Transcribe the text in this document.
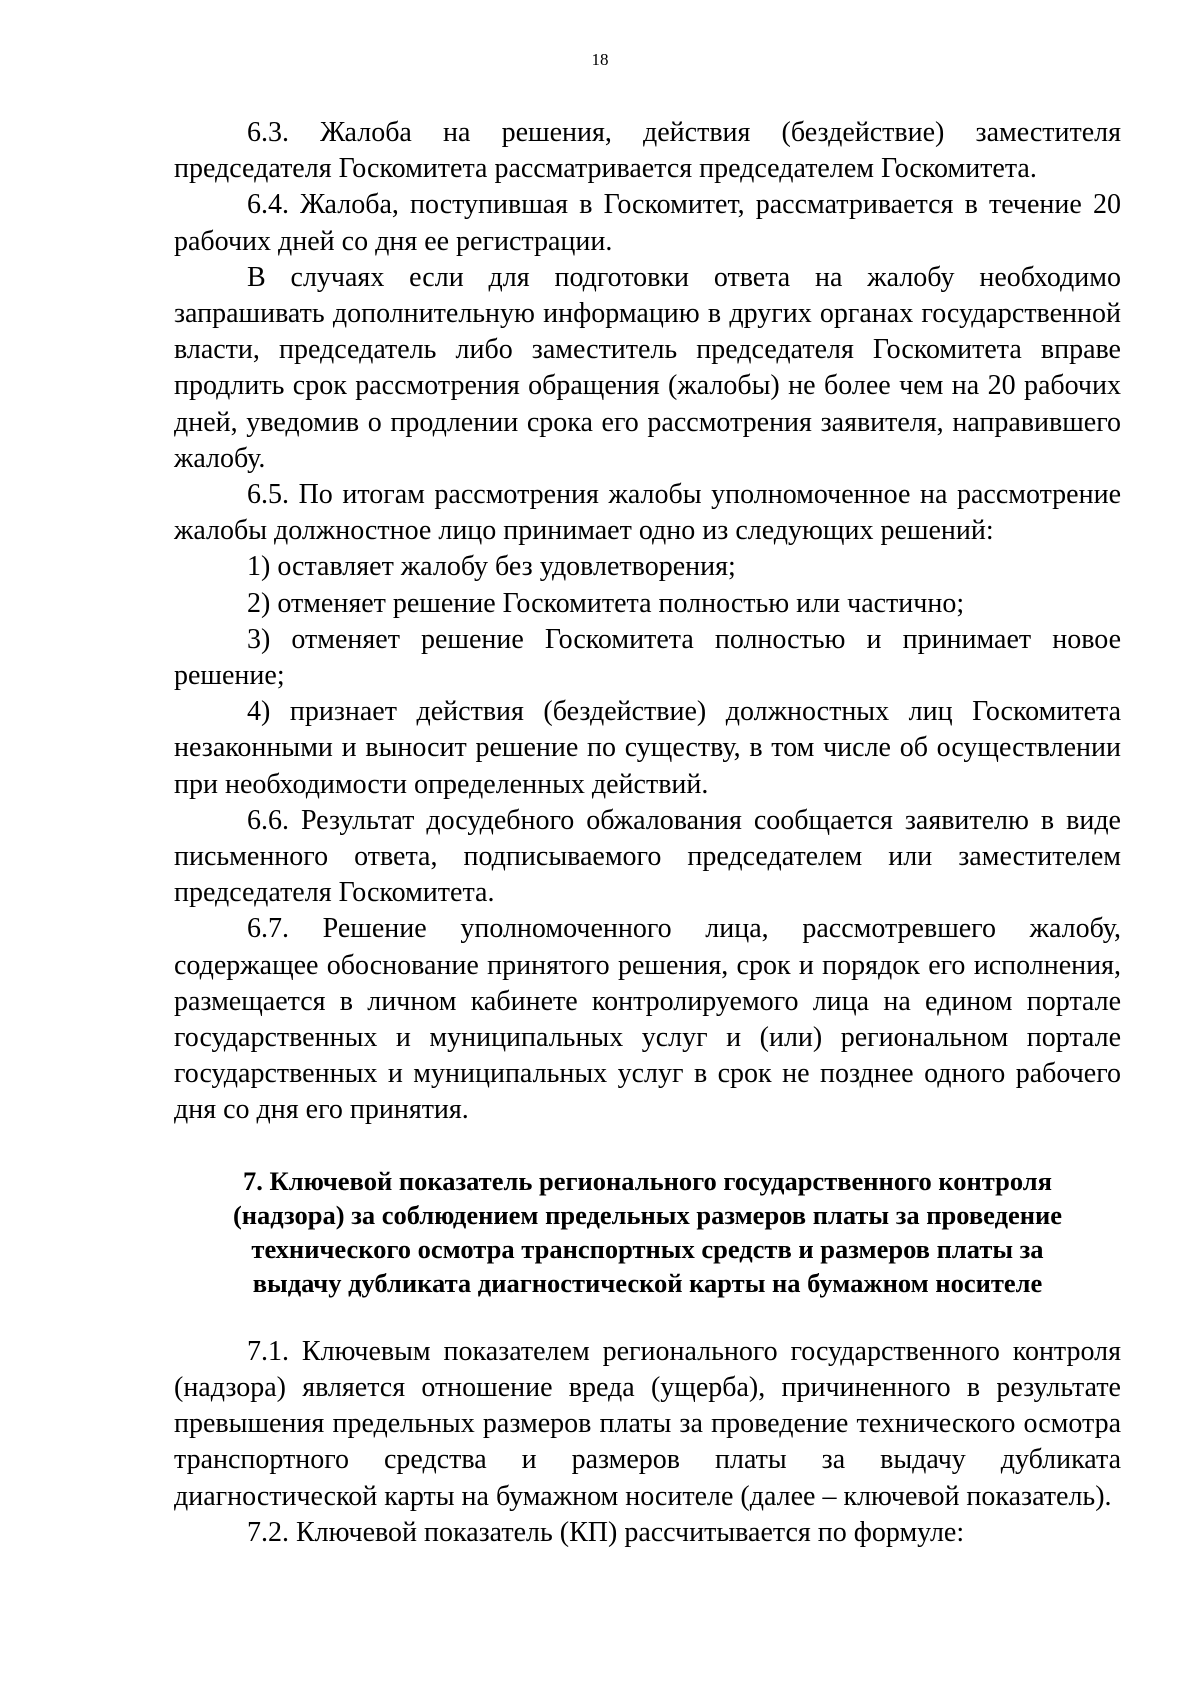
18

6.3. Жалоба на решения, действия (бездействие) заместителя председателя Госкомитета рассматривается председателем Госкомитета.

6.4. Жалоба, поступившая в Госкомитет, рассматривается в течение 20 рабочих дней со дня ее регистрации.

В случаях если для подготовки ответа на жалобу необходимо запрашивать дополнительную информацию в других органах государственной власти, председатель либо заместитель председателя Госкомитета вправе продлить срок рассмотрения обращения (жалобы) не более чем на 20 рабочих дней, уведомив о продлении срока его рассмотрения заявителя, направившего жалобу.

6.5. По итогам рассмотрения жалобы уполномоченное на рассмотрение жалобы должностное лицо принимает одно из следующих решений:

1) оставляет жалобу без удовлетворения;

2) отменяет решение Госкомитета полностью или частично;

3) отменяет решение Госкомитета полностью и принимает новое решение;

4) признает действия (бездействие) должностных лиц Госкомитета незаконными и выносит решение по существу, в том числе об осуществлении при необходимости определенных действий.

6.6. Результат досудебного обжалования сообщается заявителю в виде письменного ответа, подписываемого председателем или заместителем председателя Госкомитета.

6.7. Решение уполномоченного лица, рассмотревшего жалобу, содержащее обоснование принятого решения, срок и порядок его исполнения, размещается в личном кабинете контролируемого лица на едином портале государственных и муниципальных услуг и (или) региональном портале государственных и муниципальных услуг в срок не позднее одного рабочего дня со дня его принятия.

7. Ключевой показатель регионального государственного контроля
(надзора) за соблюдением предельных размеров платы за проведение
технического осмотра транспортных средств и размеров платы за
выдачу дубликата диагностической карты на бумажном носителе

7.1. Ключевым показателем регионального государственного контроля (надзора) является отношение вреда (ущерба), причиненного в результате превышения предельных размеров платы за проведение технического осмотра транспортного средства и размеров платы за выдачу дубликата диагностической карты на бумажном носителе (далее – ключевой показатель).

7.2. Ключевой показатель (КП) рассчитывается по формуле:
